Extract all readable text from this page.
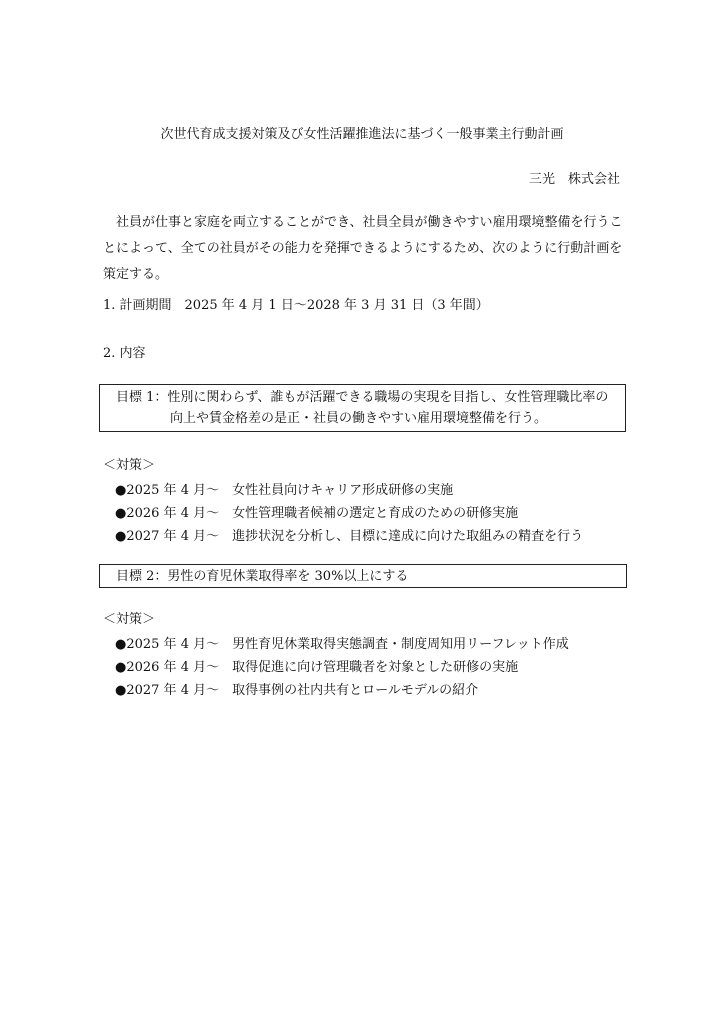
次世代育成支援対策及び女性活躍推進法に基づく一般事業主行動計画
三光　株式会社
　社員が仕事と家庭を両立することができ、社員全員が働きやすい雇用環境整備を行うことによって、全ての社員がその能力を発揮できるようにするため、次のように行動計画を策定する。
1. 計画期間　2025 年 4 月 1 日〜2028 年 3 月 31 日（3 年間）
2. 内容
目標 1：性別に関わらず、誰もが活躍できる職場の実現を目指し、女性管理職比率の
向上や賃金格差の是正・社員の働きやすい雇用環境整備を行う。
＜対策＞
●2025 年 4 月〜　女性社員向けキャリア形成研修の実施
●2026 年 4 月〜　女性管理職者候補の選定と育成のための研修実施
●2027 年 4 月〜　進捗状況を分析し、目標に達成に向けた取組みの精査を行う
目標 2：男性の育児休業取得率を 30%以上にする
＜対策＞
●2025 年 4 月〜　男性育児休業取得実態調査・制度周知用リーフレット作成
●2026 年 4 月〜　取得促進に向け管理職者を対象とした研修の実施
●2027 年 4 月〜　取得事例の社内共有とロールモデルの紹介
